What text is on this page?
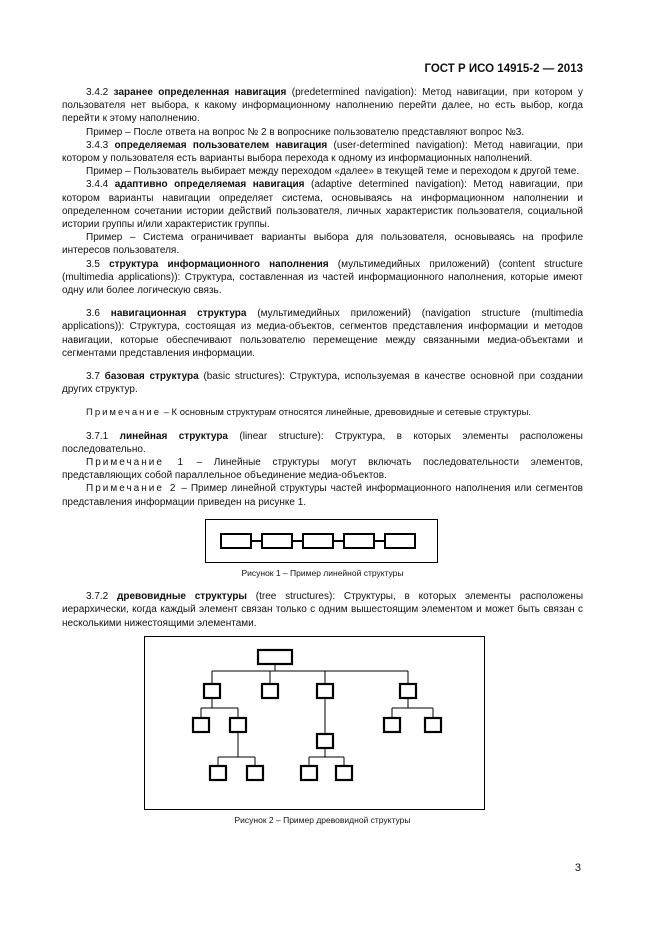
ГОСТ Р ИСО 14915-2 — 2013

3.4.2 заранее определенная навигация (predetermined navigation): Метод навигации, при котором у пользователя нет выбора, к какому информационному наполнению перейти далее, но есть выбор, когда перейти к этому наполнению.

Пример – После ответа на вопрос № 2 в вопроснике пользователю представляют вопрос №3.

3.4.3 определяемая пользователем навигация (user-determined navigation): Метод навигации, при котором у пользователя есть варианты выбора перехода к одному из информационных наполнений.

Пример – Пользователь выбирает между переходом «далее» в текущей теме и переходом к другой теме.

3.4.4 адаптивно определяемая навигация (adaptive determined navigation): Метод навигации, при котором варианты навигации определяет система, основываясь на информационном наполнении и определенном сочетании истории действий пользователя, личных характеристик пользователя, социальной истории группы и/или характеристик группы.

Пример – Система ограничивает варианты выбора для пользователя, основываясь на профиле интересов пользователя.

3.5 структура информационного наполнения (мультимедийных приложений) (content structure (multimedia applications)): Структура, составленная из частей информационного наполнения, которые имеют одну или более логическую связь.

3.6 навигационная структура (мультимедийных приложений) (navigation structure (multimedia applications)): Структура, состоящая из медиа-объектов, сегментов представления информации и методов навигации, которые обеспечивают пользователю перемещение между связанными медиа-объектами и сегментами представления информации.

3.7 базовая структура (basic structures): Структура, используемая в качестве основной при создании других структур.

Примечание – К основным структурам относятся линейные, древовидные и сетевые структуры.

3.7.1 линейная структура (linear structure): Структура, в которых элементы расположены последовательно.

Примечание 1 – Линейные структуры могут включать последовательности элементов, представляющих собой параллельное объединение медиа-объектов.

Примечание 2 – Пример линейной структуры частей информационного наполнения или сегментов представления информации приведен на рисунке 1.

Рисунок 1 – Пример линейной структуры

3.7.2 древовидные структуры (tree structures): Структуры, в которых элементы расположены иерархически, когда каждый элемент связан только с одним вышестоящим элементом и может быть связан с несколькими нижестоящими элементами.

Рисунок 2 – Пример древовидной структуры
3
